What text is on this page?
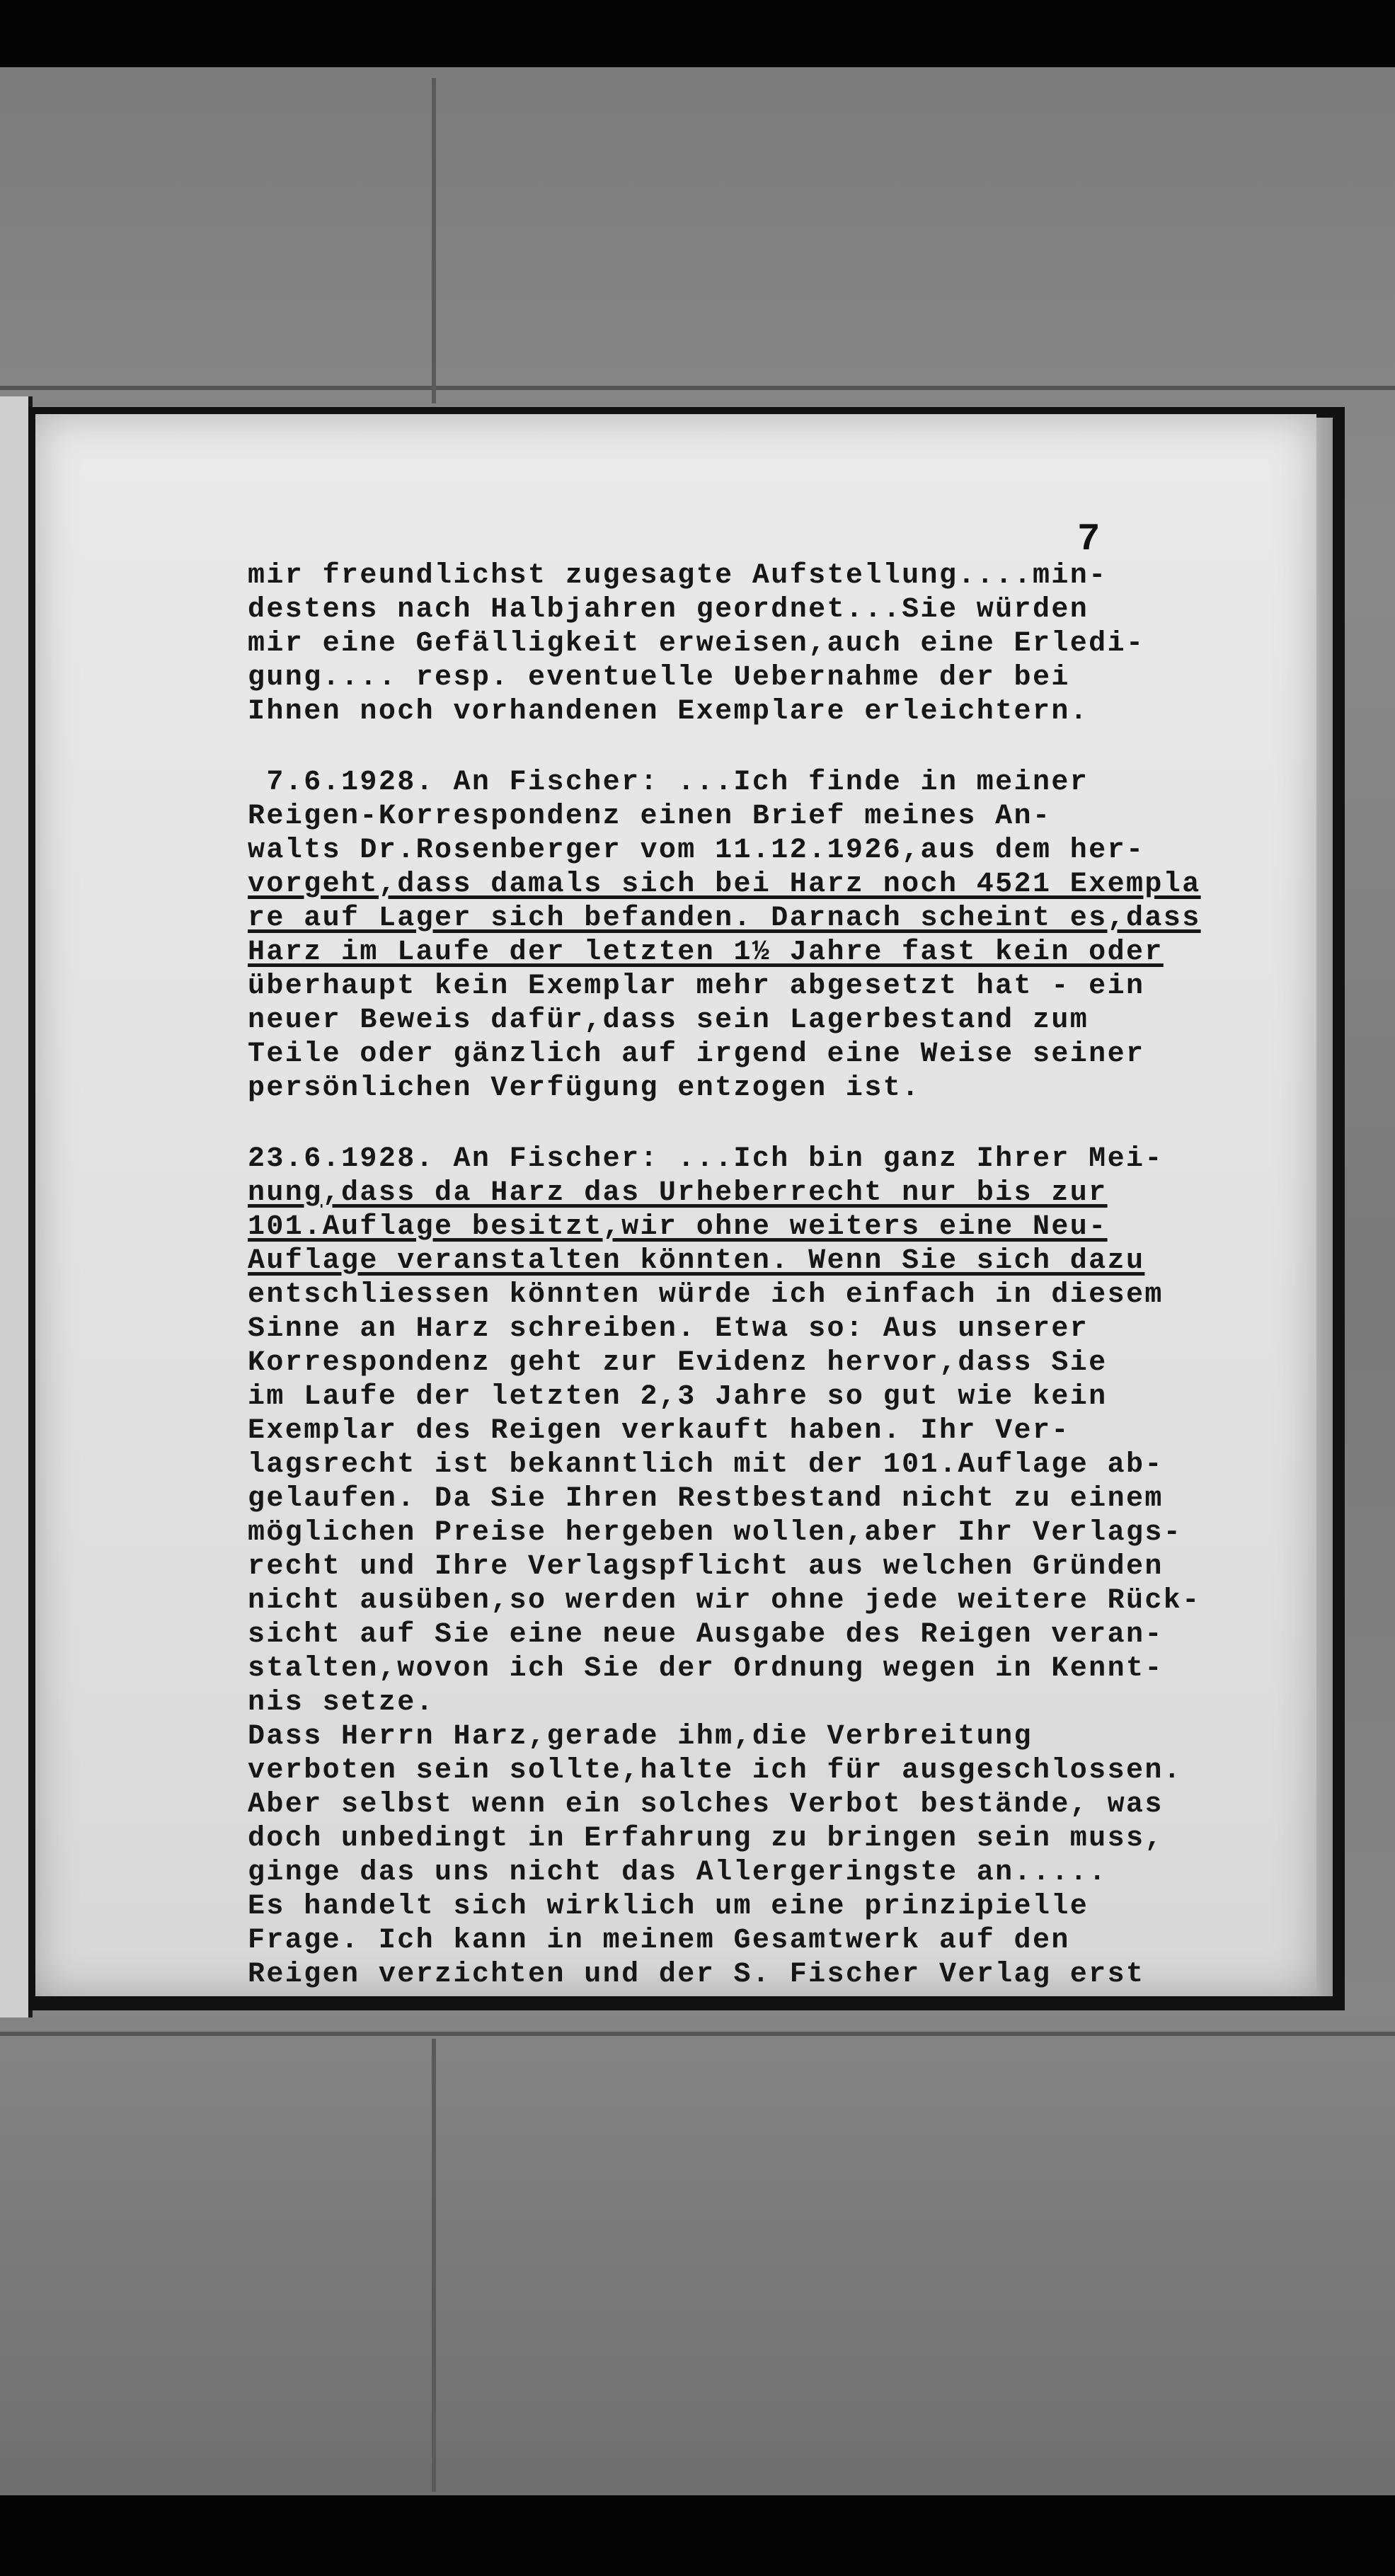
7

mir freundlichst zugesagte Aufstellung....min-
destens nach Halbjahren geordnet...Sie würden
mir eine Gefälligkeit erweisen,auch eine Erledi-
gung.... resp. eventuelle Uebernahme der bei
Ihnen noch vorhandenen Exemplare erleichtern.
7.6.1928. An Fischer: ...Ich finde in meiner
Reigen-Korrespondenz einen Brief meines An-
walts Dr.Rosenberger vom 11.12.1926,aus dem her-
vorgeht,dass damals sich bei Harz noch 4521 Exempla
re auf Lager sich befanden. Darnach scheint es,dass
Harz im Laufe der letzten 1½ Jahre fast kein oder
überhaupt kein Exemplar mehr abgesetzt hat - ein
neuer Beweis dafür,dass sein Lagerbestand zum
Teile oder gänzlich auf irgend eine Weise seiner
persönlichen Verfügung entzogen ist.
23.6.1928. An Fischer: ...Ich bin ganz Ihrer Mei-
nung,dass da Harz das Urheberrecht nur bis zur
101.Auflage besitzt,wir ohne weiters eine Neu-
Auflage veranstalten könnten. Wenn Sie sich dazu
entschliessen könnten würde ich einfach in diesem
Sinne an Harz schreiben. Etwa so: Aus unserer
Korrespondenz geht zur Evidenz hervor,dass Sie
im Laufe der letzten 2,3 Jahre so gut wie kein
Exemplar des Reigen verkauft haben. Ihr Ver-
lagsrecht ist bekanntlich mit der 101.Auflage ab-
gelaufen. Da Sie Ihren Restbestand nicht zu einem
möglichen Preise hergeben wollen,aber Ihr Verlags-
recht und Ihre Verlagspflicht aus welchen Gründen
nicht ausüben,so werden wir ohne jede weitere Rück-
sicht auf Sie eine neue Ausgabe des Reigen veran-
stalten,wovon ich Sie der Ordnung wegen in Kennt-
nis setze.
Dass Herrn Harz,gerade ihm,die Verbreitung
verboten sein sollte,halte ich für ausgeschlossen.
Aber selbst wenn ein solches Verbot bestände, was
doch unbedingt in Erfahrung zu bringen sein muss,
ginge das uns nicht das Allergeringste an.....
Es handelt sich wirklich um eine prinzipielle
Frage. Ich kann in meinem Gesamtwerk auf den
Reigen verzichten und der S. Fischer Verlag erst
